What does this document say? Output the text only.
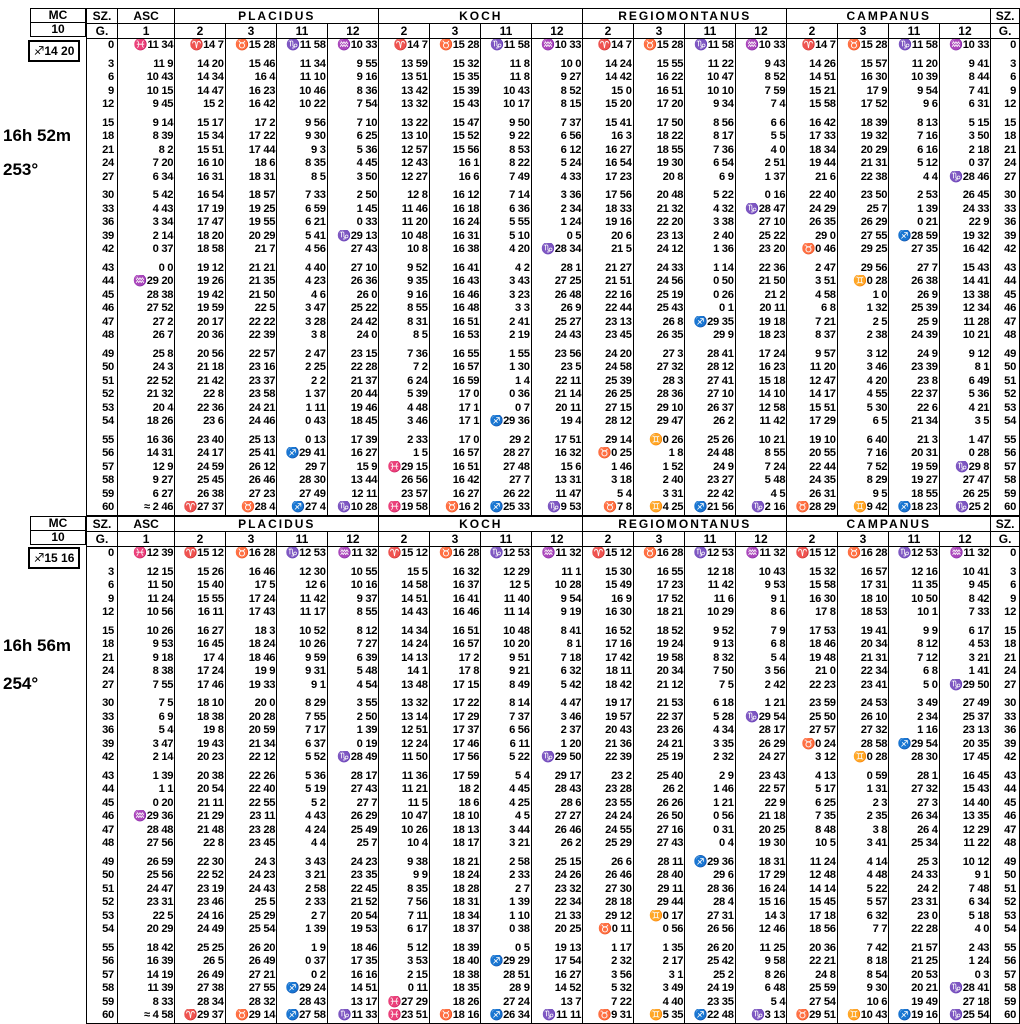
MC
10
♐14 20
16h 52m
253°
MC
10
♐15 16
16h 56m
254°
SZ.	ASC	PLACIDUS				KOCH				REGIOMONTANUS				CAMPANUS				SZ.
G.	1	2	3	11	12	2	3	11	12	2	3	11	12	2	3	11	12	G.
0	♓11 34	♈14 7	♉15 28	♑11 58	♒10 33	♈14 7	♉15 28	♑11 58	♒10 33	♈14 7	♉15 28	♑11 58	♒10 33	♈14 7	♉15 28	♑11 58	♒10 33	0
3	11 9	14 20	15 46	11 34	9 55	13 59	15 32	11 8	10 0	14 24	15 55	11 22	9 43	14 26	15 57	11 20	9 41	3
6	10 43	14 34	16 4	11 10	9 16	13 51	15 35	11 8	9 27	14 42	16 22	10 47	8 52	14 51	16 30	10 39	8 44	6
9	10 15	14 47	16 23	10 46	8 36	13 42	15 39	10 43	8 52	15 0	16 51	10 10	7 59	15 21	17 9	9 54	7 41	9
12	9 45	15 2	16 42	10 22	7 54	13 32	15 43	10 17	8 15	15 20	17 20	9 34	7 4	15 58	17 52	9 6	6 31	12
15	9 14	15 17	17 2	9 56	7 10	13 22	15 47	9 50	7 37	15 41	17 50	8 56	6 6	16 42	18 39	8 13	5 15	15
18	8 39	15 34	17 22	9 30	6 25	13 10	15 52	9 22	6 56	16 3	18 22	8 17	5 5	17 33	19 32	7 16	3 50	18
21	8 2	15 51	17 44	9 3	5 36	12 57	15 56	8 53	6 12	16 27	18 55	7 36	4 0	18 34	20 29	6 16	2 18	21
24	7 20	16 10	18 6	8 35	4 45	12 43	16 1	8 22	5 24	16 54	19 30	6 54	2 51	19 44	21 31	5 12	0 37	24
27	6 34	16 31	18 31	8 5	3 50	12 27	16 6	7 49	4 33	17 23	20 8	6 9	1 37	21 6	22 38	4 4	♑28 46	27
30	5 42	16 54	18 57	7 33	2 50	12 8	16 12	7 14	3 36	17 56	20 48	5 22	0 16	22 40	23 50	2 53	26 45	30
33	4 43	17 19	19 25	6 59	1 45	11 46	16 18	6 36	2 34	18 33	21 32	4 32	♑28 47	24 29	25 7	1 39	24 33	33
36	3 34	17 47	19 55	6 21	0 33	11 20	16 24	5 55	1 24	19 16	22 20	3 38	27 10	26 35	26 29	0 21	22 9	36
39	2 14	18 20	20 29	5 41	♑29 13	10 48	16 31	5 10	0 5	20 6	23 13	2 40	25 22	29 0	27 55	♐28 59	19 32	39
42	0 37	18 58	21 7	4 56	27 43	10 8	16 38	4 20	♑28 34	21 5	24 12	1 36	23 20	♉0 46	29 25	27 35	16 42	42
43	0 0	19 12	21 21	4 40	27 10	9 52	16 41	4 2	28 1	21 27	24 33	1 14	22 36	2 47	29 56	27 7	15 43	43
44	♒29 20	19 26	21 35	4 23	26 36	9 35	16 43	3 43	27 25	21 51	24 56	0 50	21 50	3 51	♊0 28	26 38	14 41	44
45	28 38	19 42	21 50	4 6	26 0	9 16	16 46	3 23	26 48	22 16	25 19	0 26	21 2	4 58	1 0	26 9	13 38	45
46	27 52	19 59	22 5	3 47	25 22	8 55	16 48	3 3	26 9	22 44	25 43	0 1	20 11	6 8	1 32	25 39	12 34	46
47	27 2	20 17	22 22	3 28	24 42	8 31	16 51	2 41	25 27	23 13	26 8	♐29 35	19 18	7 21	2 5	25 9	11 28	47
48	26 7	20 36	22 39	3 8	24 0	8 5	16 53	2 19	24 43	23 45	26 35	29 9	18 23	8 37	2 38	24 39	10 21	48
49	25 8	20 56	22 57	2 47	23 15	7 36	16 55	1 55	23 56	24 20	27 3	28 41	17 24	9 57	3 12	24 9	9 12	49
50	24 3	21 18	23 16	2 25	22 28	7 2	16 57	1 30	23 5	24 58	27 32	28 12	16 23	11 20	3 46	23 39	8 1	50
51	22 52	21 42	23 37	2 2	21 37	6 24	16 59	1 4	22 11	25 39	28 3	27 41	15 18	12 47	4 20	23 8	6 49	51
52	21 32	22 8	23 58	1 37	20 44	5 39	17 0	0 36	21 14	26 25	28 36	27 10	14 10	14 17	4 55	22 37	5 36	52
53	20 4	22 36	24 21	1 11	19 46	4 48	17 1	0 7	20 11	27 15	29 10	26 37	12 58	15 51	5 30	22 6	4 21	53
54	18 26	23 6	24 46	0 43	18 45	3 46	17 1	♐29 36	19 4	28 12	29 47	26 2	11 42	17 29	6 5	21 34	3 5	54
55	16 36	23 40	25 13	0 13	17 39	2 33	17 0	29 2	17 51	29 14	♊0 26	25 26	10 21	19 10	6 40	21 3	1 47	55
56	14 31	24 17	25 41	♐29 41	16 27	1 5	16 57	28 27	16 32	♉0 25	1 8	24 48	8 55	20 55	7 16	20 31	0 28	56
57	12 9	24 59	26 12	29 7	15 9	♓29 15	16 51	27 48	15 6	1 46	1 52	24 9	7 24	22 44	7 52	19 59	♑29 8	57
58	9 27	25 45	26 46	28 30	13 44	26 56	16 42	27 7	13 31	3 18	2 40	23 27	5 48	24 35	8 29	19 27	27 47	58
59	6 27	26 38	27 23	27 49	12 11	23 57	16 27	26 22	11 47	5 4	3 31	22 42	4 5	26 31	9 5	18 55	26 25	59
60	≈ 2 46	♈27 37	♉28 4	♐27 4	♑10 28	♓19 58	♉16 2	♐25 33	♑9 53	♉7 8	♊4 25	♐21 56	♑2 16	♉28 29	♊9 42	♐18 23	♑25 2	60
SZ.	ASC	PLACIDUS				KOCH				REGIOMONTANUS				CAMPANUS				SZ.
G.	1	2	3	11	12	2	3	11	12	2	3	11	12	2	3	11	12	G.
0	♓12 39	♈15 12	♉16 28	♑12 53	♒11 32	♈15 12	♉16 28	♑12 53	♒11 32	♈15 12	♉16 28	♑12 53	♒11 32	♈15 12	♉16 28	♑12 53	♒11 32	0
3	12 15	15 26	16 46	12 30	10 55	15 5	16 32	12 29	11 1	15 30	16 55	12 18	10 43	15 32	16 57	12 16	10 41	3
6	11 50	15 40	17 5	12 6	10 16	14 58	16 37	12 5	10 28	15 49	17 23	11 42	9 53	15 58	17 31	11 35	9 45	6
9	11 24	15 55	17 24	11 42	9 37	14 51	16 41	11 40	9 54	16 9	17 52	11 6	9 1	16 30	18 10	10 50	8 42	9
12	10 56	16 11	17 43	11 17	8 55	14 43	16 46	11 14	9 19	16 30	18 21	10 29	8 6	17 8	18 53	10 1	7 33	12
15	10 26	16 27	18 3	10 52	8 12	14 34	16 51	10 48	8 41	16 52	18 52	9 52	7 9	17 53	19 41	9 9	6 17	15
18	9 53	16 45	18 24	10 26	7 27	14 24	16 57	10 20	8 1	17 16	19 24	9 13	6 8	18 46	20 34	8 12	4 53	18
21	9 18	17 4	18 46	9 59	6 39	14 13	17 2	9 51	7 18	17 42	19 58	8 32	5 4	19 48	21 31	7 12	3 21	21
24	8 38	17 24	19 9	9 31	5 48	14 1	17 8	9 21	6 32	18 11	20 34	7 50	3 56	21 0	22 34	6 8	1 41	24
27	7 55	17 46	19 33	9 1	4 54	13 48	17 15	8 49	5 42	18 42	21 12	7 5	2 42	22 23	23 41	5 0	♑29 50	27
30	7 5	18 10	20 0	8 29	3 55	13 32	17 22	8 14	4 47	19 17	21 53	6 18	1 21	23 59	24 53	3 49	27 49	30
33	6 9	18 38	20 28	7 55	2 50	13 14	17 29	7 37	3 46	19 57	22 37	5 28	♑29 54	25 50	26 10	2 34	25 37	33
36	5 4	19 8	20 59	7 17	1 39	12 51	17 37	6 56	2 37	20 43	23 26	4 34	28 17	27 57	27 32	1 16	23 13	36
39	3 47	19 43	21 34	6 37	0 19	12 24	17 46	6 11	1 20	21 36	24 21	3 35	26 29	♉0 24	28 58	♐29 54	20 35	39
42	2 14	20 23	22 12	5 52	♑28 49	11 50	17 56	5 22	♑29 50	22 39	25 19	2 32	24 27	3 12	♊0 28	28 30	17 45	42
43	1 39	20 38	22 26	5 36	28 17	11 36	17 59	5 4	29 17	23 2	25 40	2 9	23 43	4 13	0 59	28 1	16 45	43
44	1 1	20 54	22 40	5 19	27 43	11 21	18 2	4 45	28 43	23 28	26 2	1 46	22 57	5 17	1 31	27 32	15 43	44
45	0 20	21 11	22 55	5 2	27 7	11 5	18 6	4 25	28 6	23 55	26 26	1 21	22 9	6 25	2 3	27 3	14 40	45
46	♒29 36	21 29	23 11	4 43	26 29	10 47	18 10	4 5	27 27	24 24	26 50	0 56	21 18	7 35	2 35	26 34	13 35	46
47	28 48	21 48	23 28	4 24	25 49	10 26	18 13	3 44	26 46	24 55	27 16	0 31	20 25	8 48	3 8	26 4	12 29	47
48	27 56	22 8	23 45	4 4	25 7	10 4	18 17	3 21	26 2	25 29	27 43	0 4	19 30	10 5	3 41	25 34	11 22	48
49	26 59	22 30	24 3	3 43	24 23	9 38	18 21	2 58	25 15	26 6	28 11	♐29 36	18 31	11 24	4 14	25 3	10 12	49
50	25 56	22 52	24 23	3 21	23 35	9 9	18 24	2 33	24 26	26 46	28 40	29 6	17 29	12 48	4 48	24 33	9 1	50
51	24 47	23 19	24 43	2 58	22 45	8 35	18 28	2 7	23 32	27 30	29 11	28 36	16 24	14 14	5 22	24 2	7 48	51
52	23 31	23 46	25 5	2 33	21 52	7 56	18 31	1 39	22 34	28 18	29 44	28 4	15 16	15 45	5 57	23 31	6 34	52
53	22 5	24 16	25 29	2 7	20 54	7 11	18 34	1 10	21 33	29 12	♊0 17	27 31	14 3	17 18	6 32	23 0	5 18	53
54	20 29	24 49	25 54	1 39	19 53	6 17	18 37	0 38	20 25	♉0 11	0 56	26 56	12 46	18 56	7 7	22 28	4 0	54
55	18 42	25 25	26 20	1 9	18 46	5 12	18 39	0 5	19 13	1 17	1 35	26 20	11 25	20 36	7 42	21 57	2 43	55
56	16 39	26 5	26 49	0 37	17 35	3 53	18 40	♐29 29	17 54	2 32	2 17	25 42	9 58	22 21	8 18	21 25	1 24	56
57	14 19	26 49	27 21	0 2	16 16	2 15	18 38	28 51	16 27	3 56	3 1	25 2	8 26	24 8	8 54	20 53	0 3	57
58	11 39	27 38	27 55	♐29 24	14 51	0 11	18 35	28 9	14 52	5 32	3 49	24 19	6 48	25 59	9 30	20 21	♑28 41	58
59	8 33	28 34	28 32	28 43	13 17	♓27 29	18 26	27 24	13 7	7 22	4 40	23 35	5 4	27 54	10 6	19 49	27 18	59
60	≈ 4 58	♈29 37	♉29 14	♐27 58	♑11 33	♓23 51	♉18 16	♐26 34	♑11 11	♉9 31	♊5 35	♐22 48	♑3 13	♉29 51	♊10 43	♐19 16	♑25 54	60
